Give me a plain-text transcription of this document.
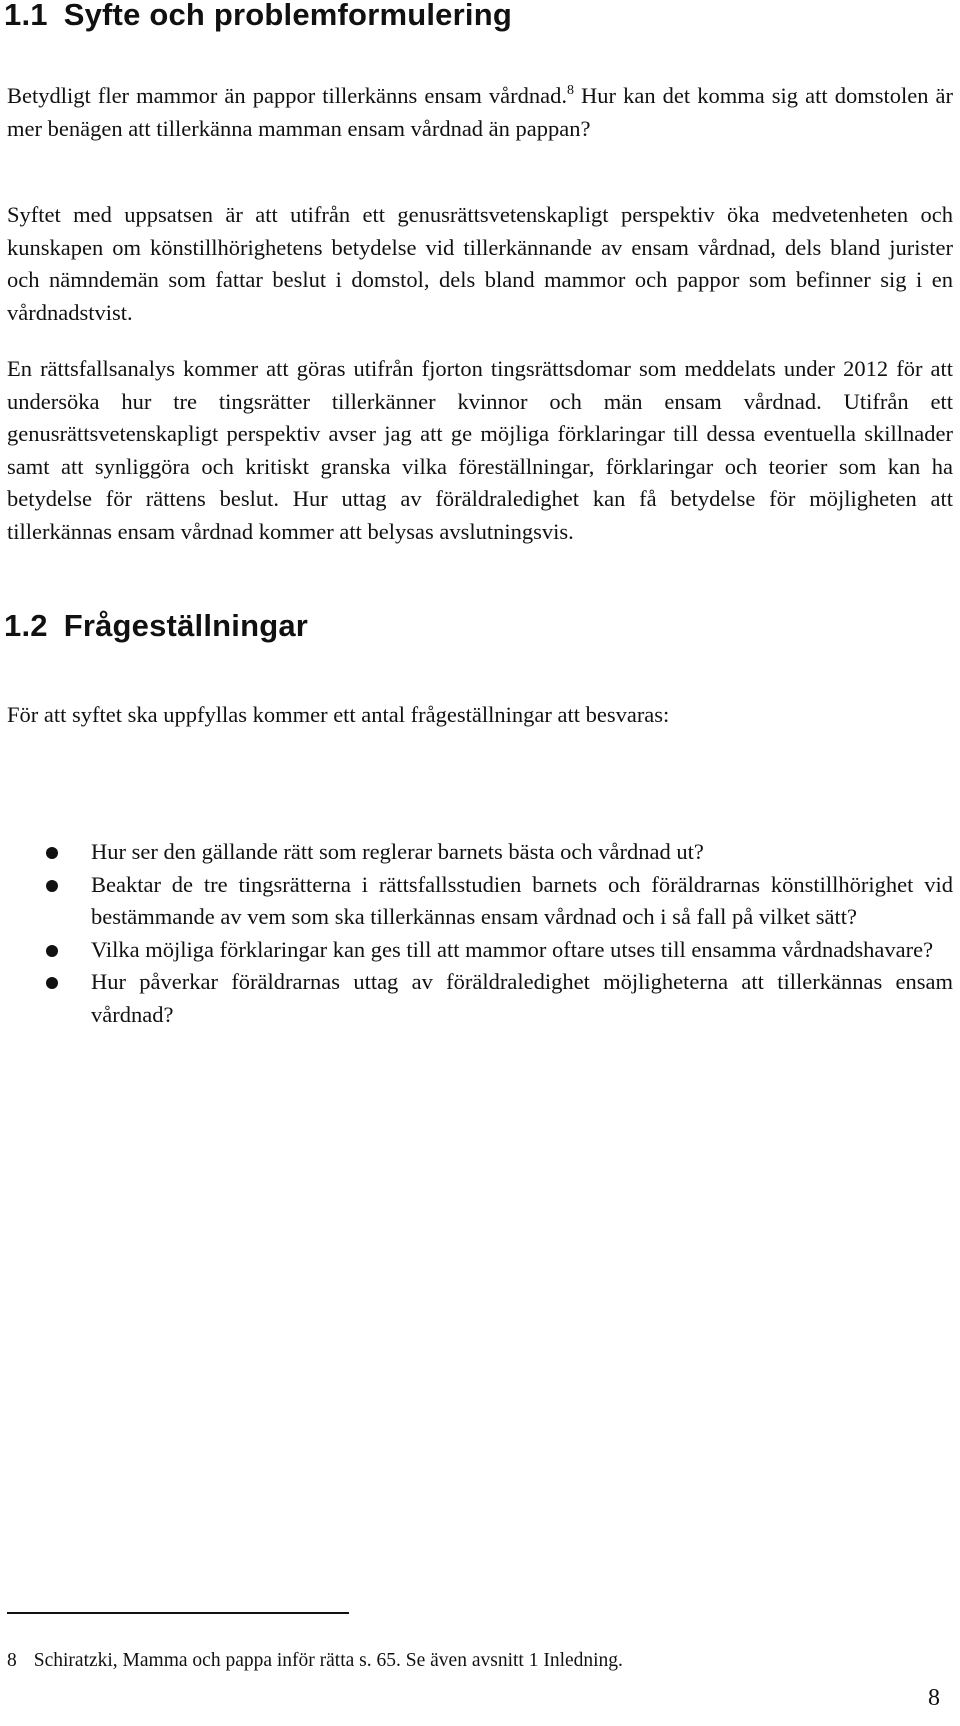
1.1 Syfte och problemformulering

Betydligt fler mammor än pappor tillerkänns ensam vårdnad.$^8$ Hur kan det komma sig att domstolen är mer benägen att tillerkänna mamman ensam vårdnad än pappan?

Syftet med uppsatsen är att utifrån ett genusrättsvetenskapligt perspektiv öka medvetenheten och kunskapen om könstillhörighetens betydelse vid tillerkännande av ensam vårdnad, dels bland jurister och nämndemän som fattar beslut i domstol, dels bland mammor och pappor som befinner sig i en vårdnadstvist.

En rättsfallsanalys kommer att göras utifrån fjorton tingsrättsdomar som meddelats under 2012 för att undersöka hur tre tingsrätter tillerkänner kvinnor och män ensam vårdnad. Utifrån ett genusrättsvetenskapligt perspektiv avser jag att ge möjliga förklaringar till dessa eventuella skillnader samt att synliggöra och kritiskt granska vilka föreställningar, förklaringar och teorier som kan ha betydelse för rättens beslut. Hur uttag av föräldraledighet kan få betydelse för möjligheten att tillerkännas ensam vårdnad kommer att belysas avslutningsvis.

1.2 Frågeställningar

För att syftet ska uppfyllas kommer ett antal frågeställningar att besvaras:

Hur ser den gällande rätt som reglerar barnets bästa och vårdnad ut?
Beaktar de tre tingsrätterna i rättsfallsstudien barnets och föräldrarnas könstillhörighet vid bestämmande av vem som ska tillerkännas ensam vårdnad och i så fall på vilket sätt?
Vilka möjliga förklaringar kan ges till att mammor oftare utses till ensamma vårdnadshavare?
Hur påverkar föräldrarnas uttag av föräldraledighet möjligheterna att tillerkännas ensam vårdnad?
8 Schiratzki, Mamma och pappa inför rätta s. 65. Se även avsnitt 1 Inledning.
8
